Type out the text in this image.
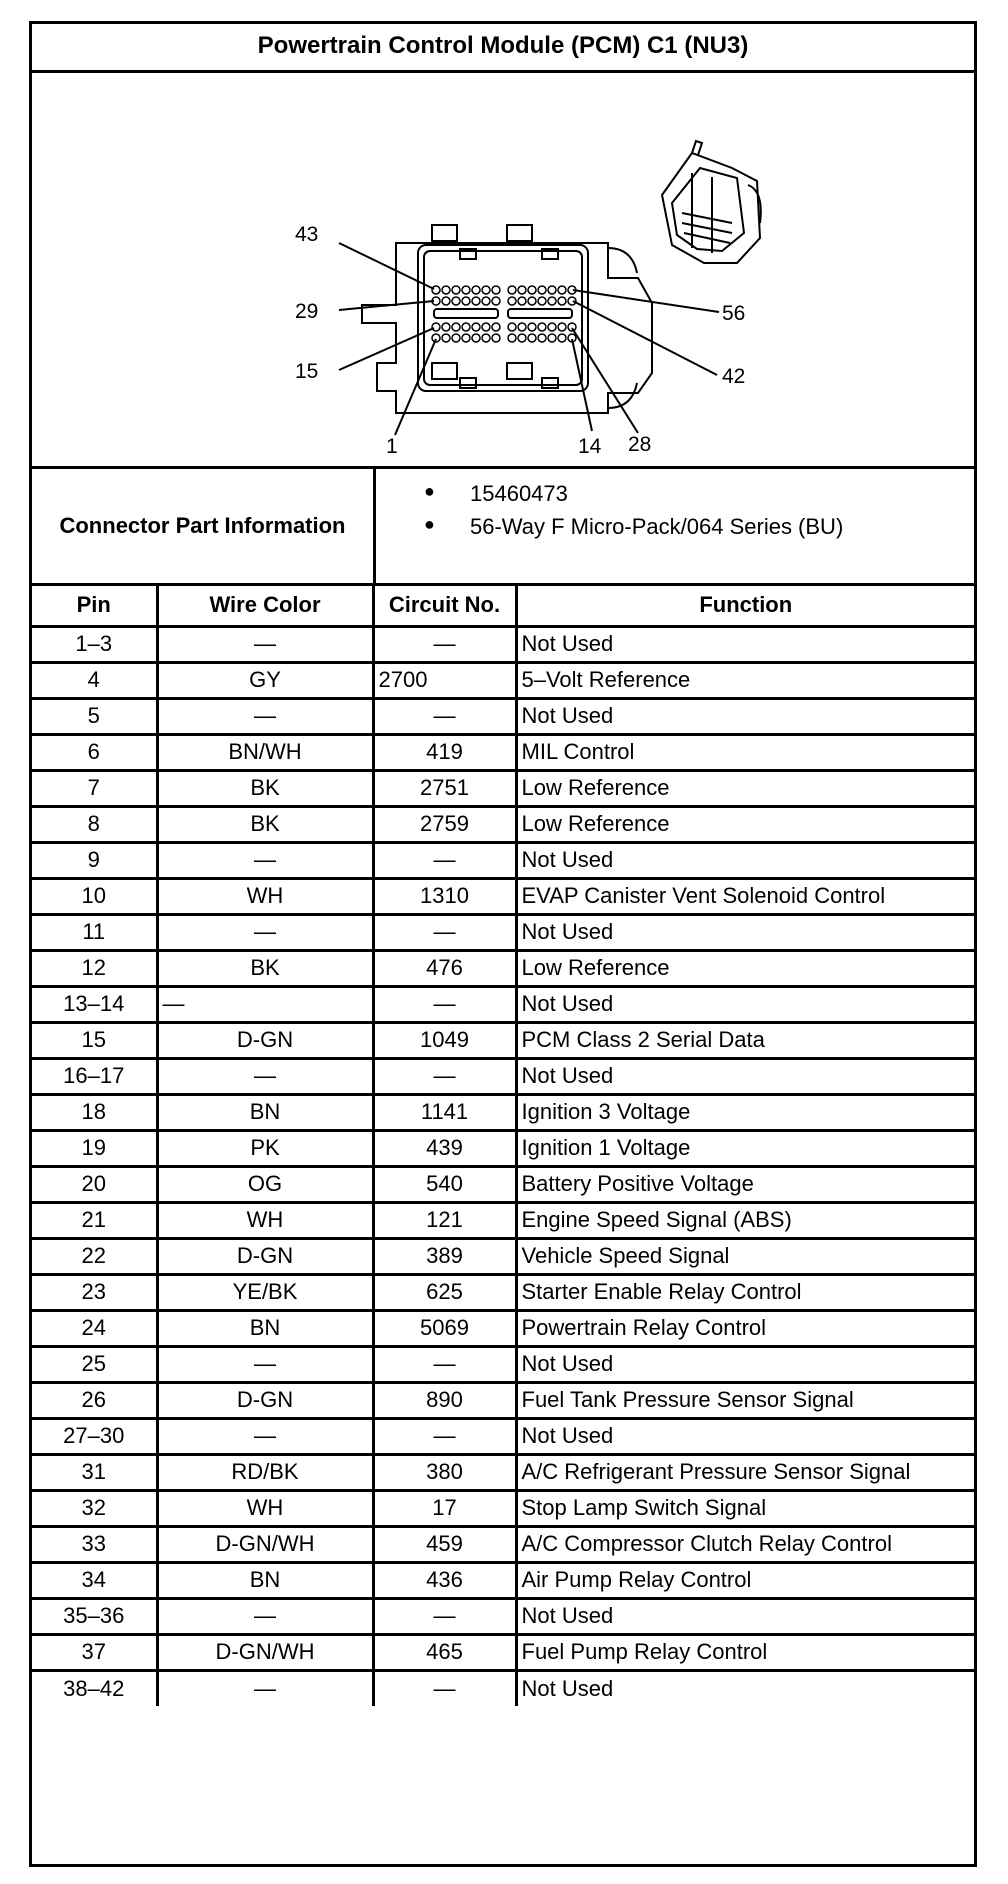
Powertrain Control Module (PCM) C1 (NU3)
43
29
15
1	14 28
42
56
Connector Part Information
● 15460473
● 56-Way F Micro-Pack/064 Series (BU)
Pin	Wire Color	Circuit No.	Function
1–3	—	—	Not Used
4	GY	2700	5–Volt Reference
5	—	—	Not Used
6	BN/WH	419	MIL Control
7	BK	2751	Low Reference
8	BK	2759	Low Reference
9	—	—	Not Used
10	WH	1310	EVAP Canister Vent Solenoid Control
11	—	—	Not Used
12	BK	476	Low Reference
13–14	—	—	Not Used
15	D-GN	1049	PCM Class 2 Serial Data
16–17	—	—	Not Used
18	BN	1141	Ignition 3 Voltage
19	PK	439	Ignition 1 Voltage
20	OG	540	Battery Positive Voltage
21	WH	121	Engine Speed Signal (ABS)
22	D-GN	389	Vehicle Speed Signal
23	YE/BK	625	Starter Enable Relay Control
24	BN	5069	Powertrain Relay Control
25	—	—	Not Used
26	D-GN	890	Fuel Tank Pressure Sensor Signal
27–30	—	—	Not Used
31	RD/BK	380	A/C Refrigerant Pressure Sensor Signal
32	WH	17	Stop Lamp Switch Signal
33	D-GN/WH	459	A/C Compressor Clutch Relay Control
34	BN	436	Air Pump Relay Control
35–36	—	—	Not Used
37	D-GN/WH	465	Fuel Pump Relay Control
38–42	—	—	Not Used
